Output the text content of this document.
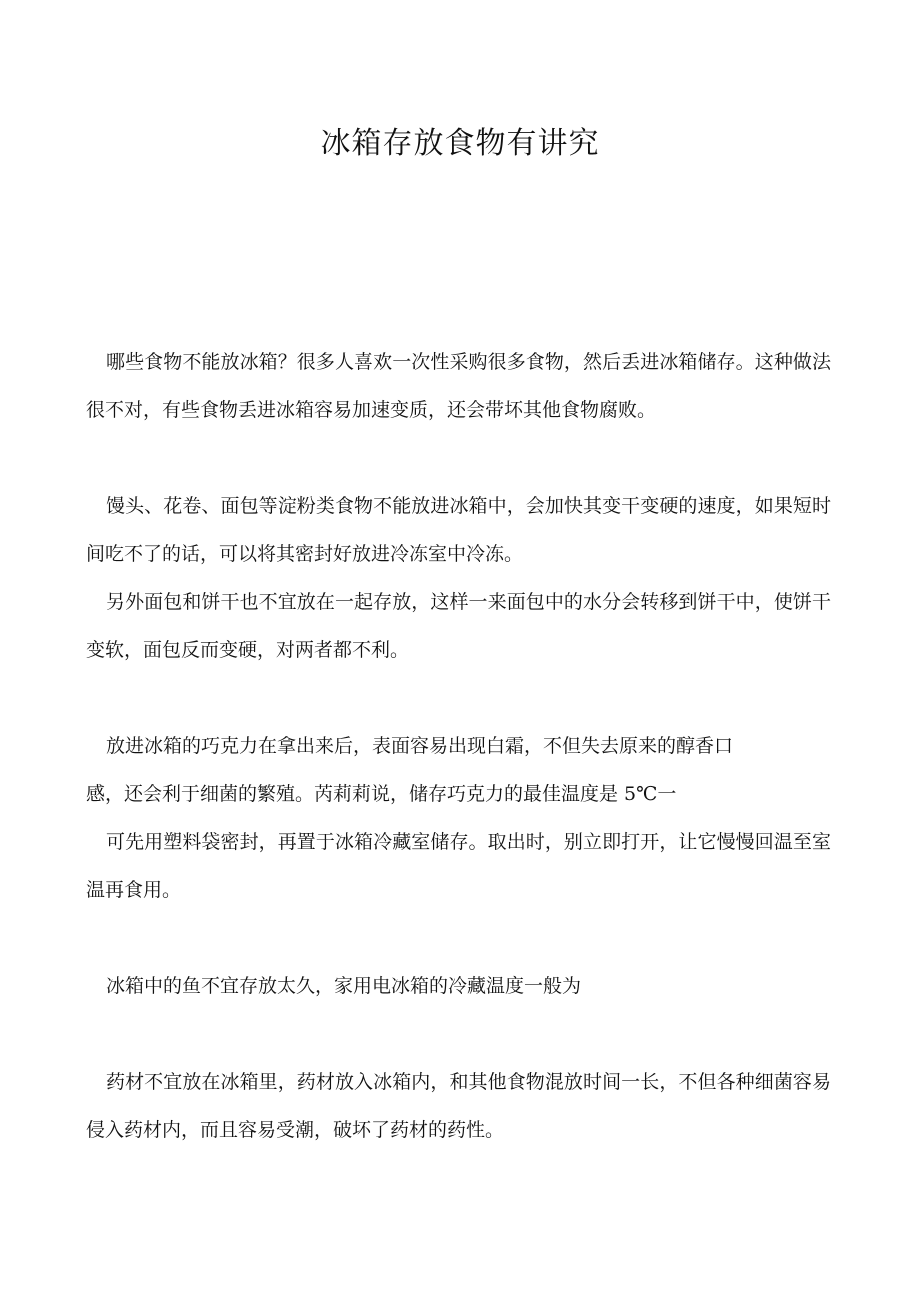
冰箱存放食物有讲究

哪些食物不能放冰箱？很多人喜欢一次性采购很多食物，然后丢进冰箱储存。这种做法很不对，有些食物丢进冰箱容易加速变质，还会带坏其他食物腐败。

馒头、花卷、面包等淀粉类食物不能放进冰箱中，会加快其变干变硬的速度，如果短时间吃不了的话，可以将其密封好放进冷冻室中冷冻。

另外面包和饼干也不宜放在一起存放，这样一来面包中的水分会转移到饼干中，使饼干变软，面包反而变硬，对两者都不利。

放进冰箱的巧克力在拿出来后，表面容易出现白霜，不但失去原来的醇香口

感，还会利于细菌的繁殖。芮莉莉说，储存巧克力的最佳温度是 5℃一

可先用塑料袋密封，再置于冰箱冷藏室储存。取出时，别立即打开，让它慢慢回温至室温再食用。

冰箱中的鱼不宜存放太久，家用电冰箱的冷藏温度一般为

药材不宜放在冰箱里，药材放入冰箱内，和其他食物混放时间一长，不但各种细菌容易侵入药材内，而且容易受潮，破坏了药材的药性。
